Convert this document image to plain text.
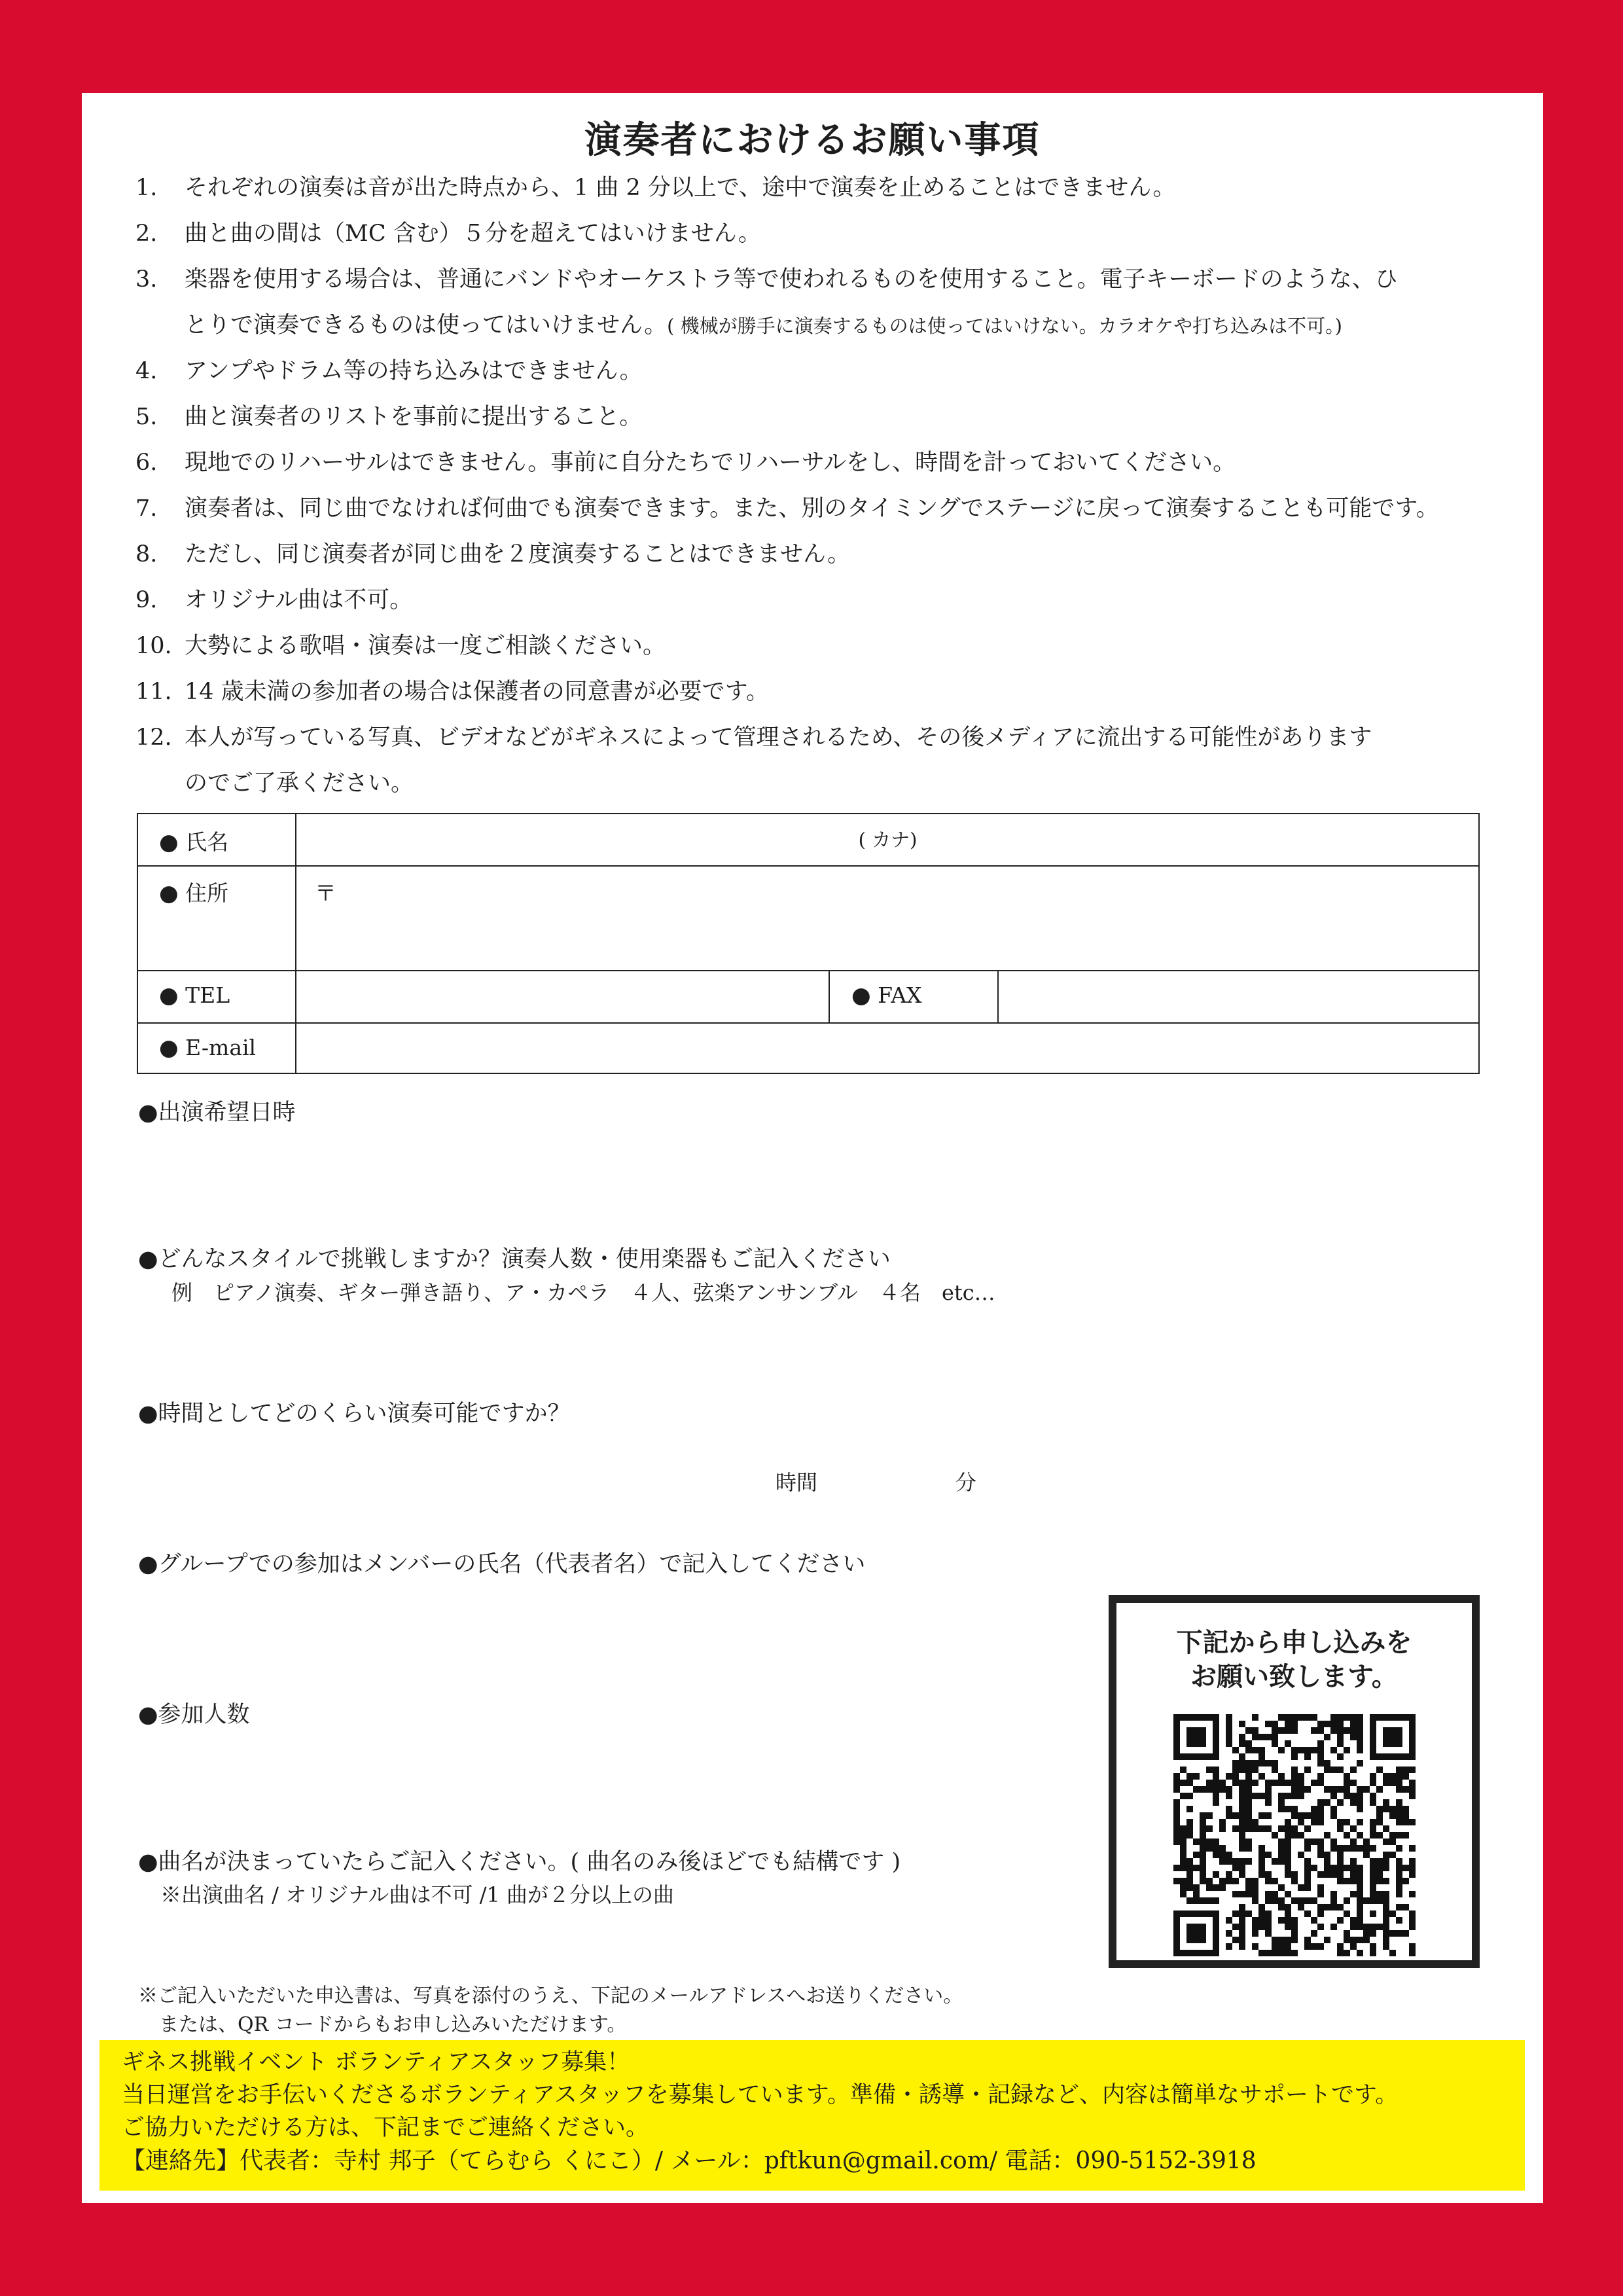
演奏者におけるお願い事項
1. それぞれの演奏は音が出た時点から、1 曲 2 分以上で、途中で演奏を止めることはできません。
2. 曲と曲の間は（MC 含む）５分を超えてはいけません。
3. 楽器を使用する場合は、普通にバンドやオーケストラ等で使われるものを使用すること。電子キーボードのような、ひ
とりで演奏できるものは使ってはいけません。( 機械が勝手に演奏するものは使ってはいけない。カラオケや打ち込みは不可。)
4. アンプやドラム等の持ち込みはできません。
5. 曲と演奏者のリストを事前に提出すること。
6. 現地でのリハーサルはできません。事前に自分たちでリハーサルをし、時間を計っておいてください。
7. 演奏者は、同じ曲でなければ何曲でも演奏できます。また、別のタイミングでステージに戻って演奏することも可能です。
8. ただし、同じ演奏者が同じ曲を２度演奏することはできません。
9. オリジナル曲は不可。
10. 大勢による歌唱・演奏は一度ご相談ください。
11. 14 歳未満の参加者の場合は保護者の同意書が必要です。
12. 本人が写っている写真、ビデオなどがギネスによって管理されるため、その後メディアに流出する可能性があります
のでご了承ください。
● 氏名	( カナ)
● 住所	〒
● TEL	● FAX
● E-mail
●出演希望日時
●どんなスタイルで挑戦しますか？演奏人数・使用楽器もご記入ください
例　ピアノ演奏、ギター弾き語り、ア・カペラ　４人、弦楽アンサンブル　４名　etc…
●時間としてどのくらい演奏可能ですか？
時間	分
●グループでの参加はメンバーの氏名（代表者名）で記入してください
●参加人数
●曲名が決まっていたらご記入ください。( 曲名のみ後ほどでも結構です )
※出演曲名 / オリジナル曲は不可 /1 曲が２分以上の曲
下記から申し込みを
お願い致します。
※ご記入いただいた申込書は、写真を添付のうえ、下記のメールアドレスへお送りください。
または、QR コードからもお申し込みいただけます。
ギネス挑戦イベント ボランティアスタッフ募集！
当日運営をお手伝いくださるボランティアスタッフを募集しています。準備・誘導・記録など、内容は簡単なサポートです。
ご協力いただける方は、下記までご連絡ください。
【連絡先】代表者：寺村 邦子（てらむら くにこ）/ メール：pftkun@gmail.com/ 電話：090-5152-3918
